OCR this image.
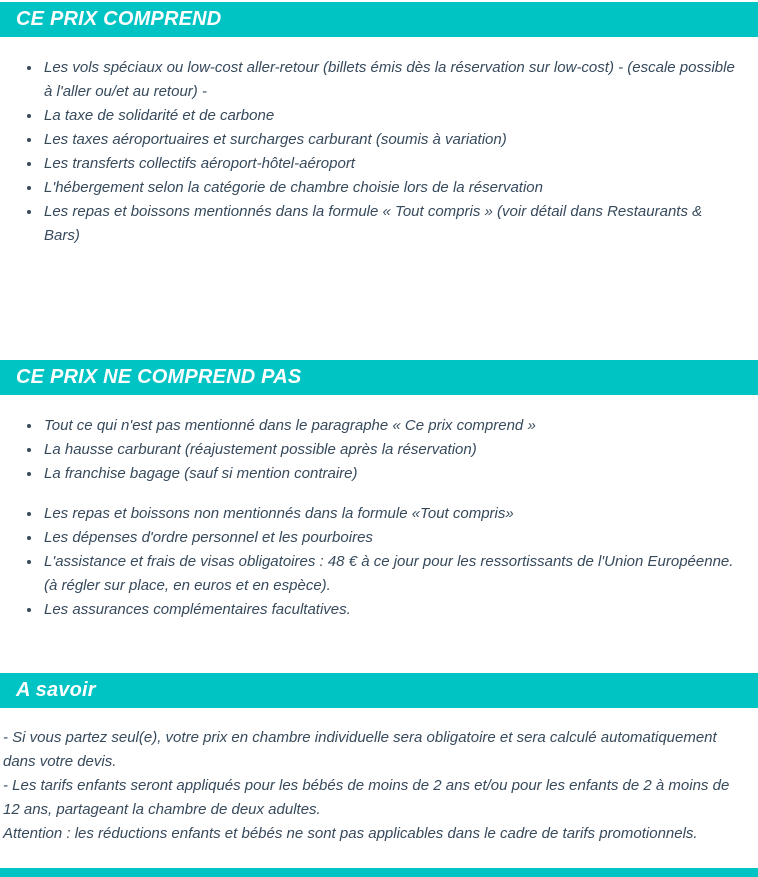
CE PRIX COMPREND
• Les vols spéciaux ou low-cost aller-retour (billets émis dès la réservation sur low-cost) - (escale possible à l'aller ou/et au retour) -
• La taxe de solidarité et de carbone
• Les taxes aéroportuaires et surcharges carburant (soumis à variation)
• Les transferts collectifs aéroport-hôtel-aéroport
• L'hébergement selon la catégorie de chambre choisie lors de la réservation
• Les repas et boissons mentionnés dans la formule « Tout compris » (voir détail dans Restaurants & Bars)
CE PRIX NE COMPREND PAS
• Tout ce qui n'est pas mentionné dans le paragraphe « Ce prix comprend »
• La hausse carburant (réajustement possible après la réservation)
• La franchise bagage (sauf si mention contraire)
• Les repas et boissons non mentionnés dans la formule «Tout compris»
• Les dépenses d'ordre personnel et les pourboires
• L'assistance et frais de visas obligatoires : 48 € à ce jour pour les ressortissants de l'Union Européenne. (à régler sur place, en euros et en espèce).
• Les assurances complémentaires facultatives.
A savoir

- Si vous partez seul(e), votre prix en chambre individuelle sera obligatoire et sera calculé automatiquement dans votre devis.

- Les tarifs enfants seront appliqués pour les bébés de moins de 2 ans et/ou pour les enfants de 2 à moins de 12 ans, partageant la chambre de deux adultes.

Attention : les réductions enfants et bébés ne sont pas applicables dans le cadre de tarifs promotionnels.
